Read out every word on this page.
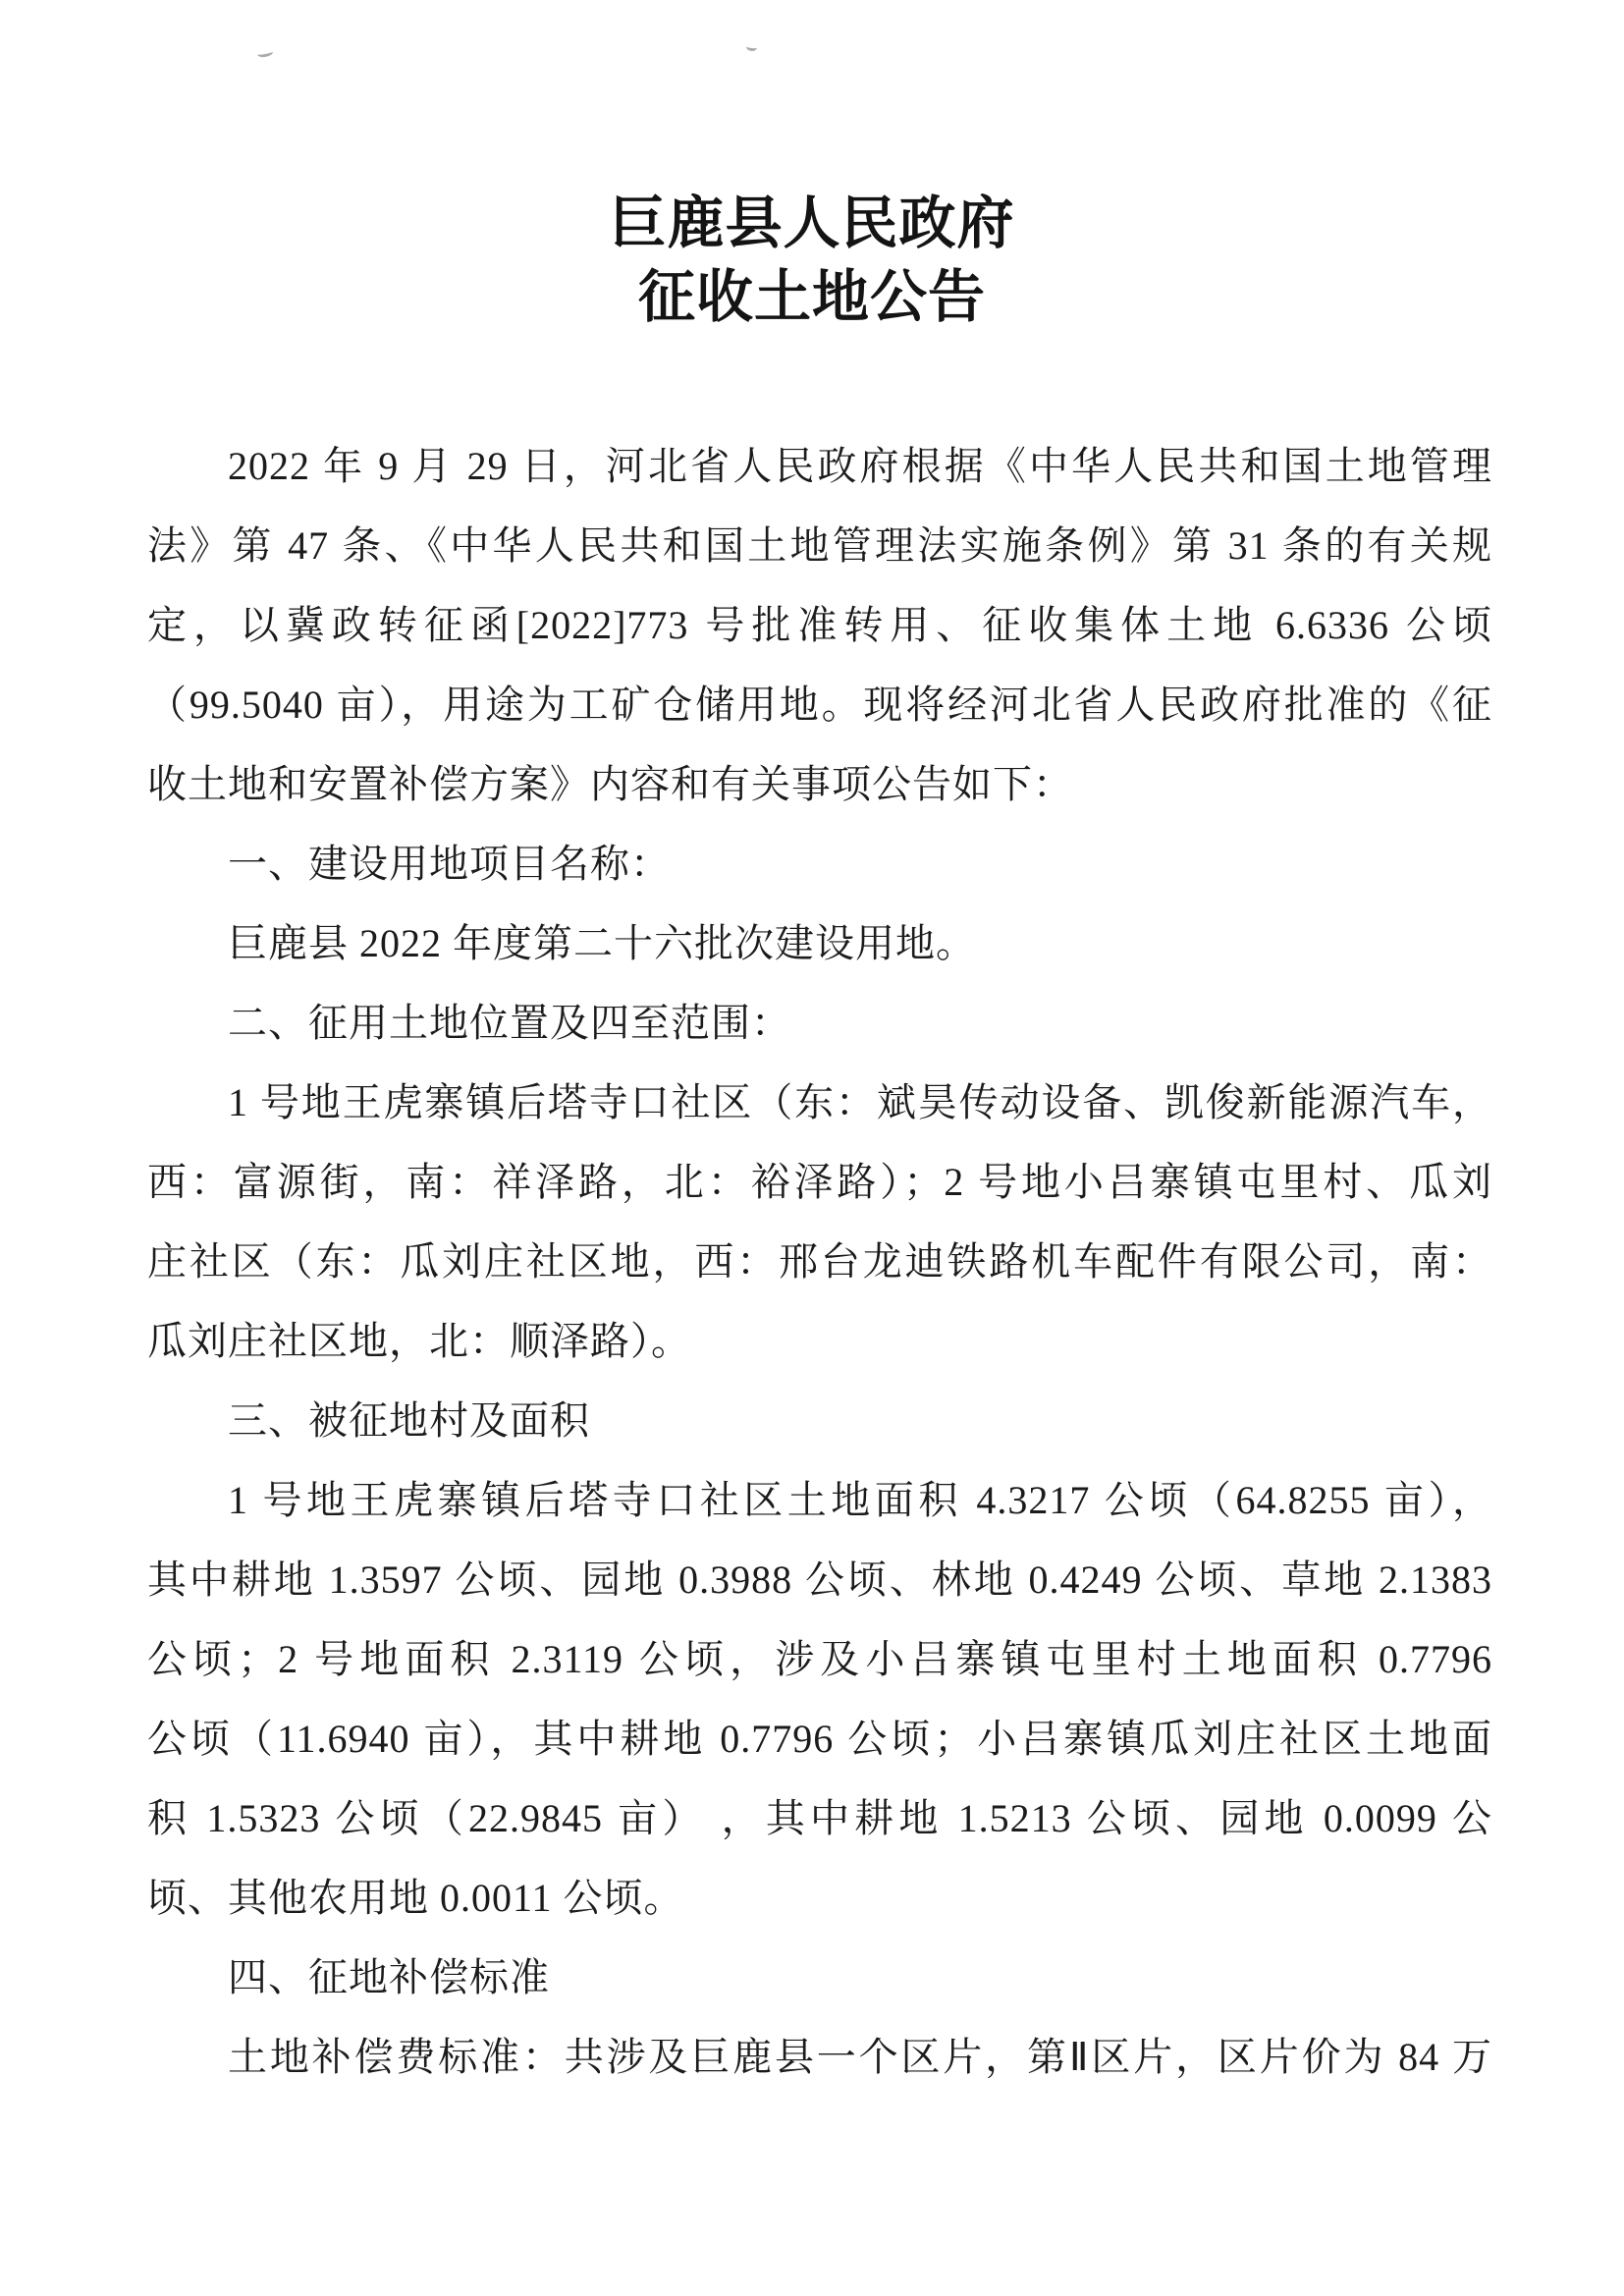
巨鹿县人民政府
征收土地公告
2022 年 9 月 29 日，河北省人民政府根据《中华人民共和国土地管理
法》第 47 条、《中华人民共和国土地管理法实施条例》第 31 条的有关规
定，以冀政转征函[2022]773 号批准转用、征收集体土地 6.6336 公顷
（99.5040 亩），用途为工矿仓储用地。现将经河北省人民政府批准的《征
收土地和安置补偿方案》内容和有关事项公告如下：
一、建设用地项目名称：
巨鹿县 2022 年度第二十六批次建设用地。
二、征用土地位置及四至范围：
1 号地王虎寨镇后塔寺口社区（东：斌昊传动设备、凯俊新能源汽车，
西：富源街，南：祥泽路，北：裕泽路）；2 号地小吕寨镇屯里村、瓜刘
庄社区（东：瓜刘庄社区地，西：邢台龙迪铁路机车配件有限公司，南：
瓜刘庄社区地，北：顺泽路）。
三、被征地村及面积
1 号地王虎寨镇后塔寺口社区土地面积 4.3217 公顷（64.8255 亩），
其中耕地 1.3597 公顷、园地 0.3988 公顷、林地 0.4249 公顷、草地 2.1383
公顷；2 号地面积 2.3119 公顷，涉及小吕寨镇屯里村土地面积 0.7796
公顷（11.6940 亩），其中耕地 0.7796 公顷；小吕寨镇瓜刘庄社区土地面
积 1.5323 公顷（22.9845 亩） ，其中耕地 1.5213 公顷、园地 0.0099 公
顷、其他农用地 0.0011 公顷。
四、征地补偿标准
土地补偿费标准：共涉及巨鹿县一个区片，第Ⅱ区片，区片价为 84 万
